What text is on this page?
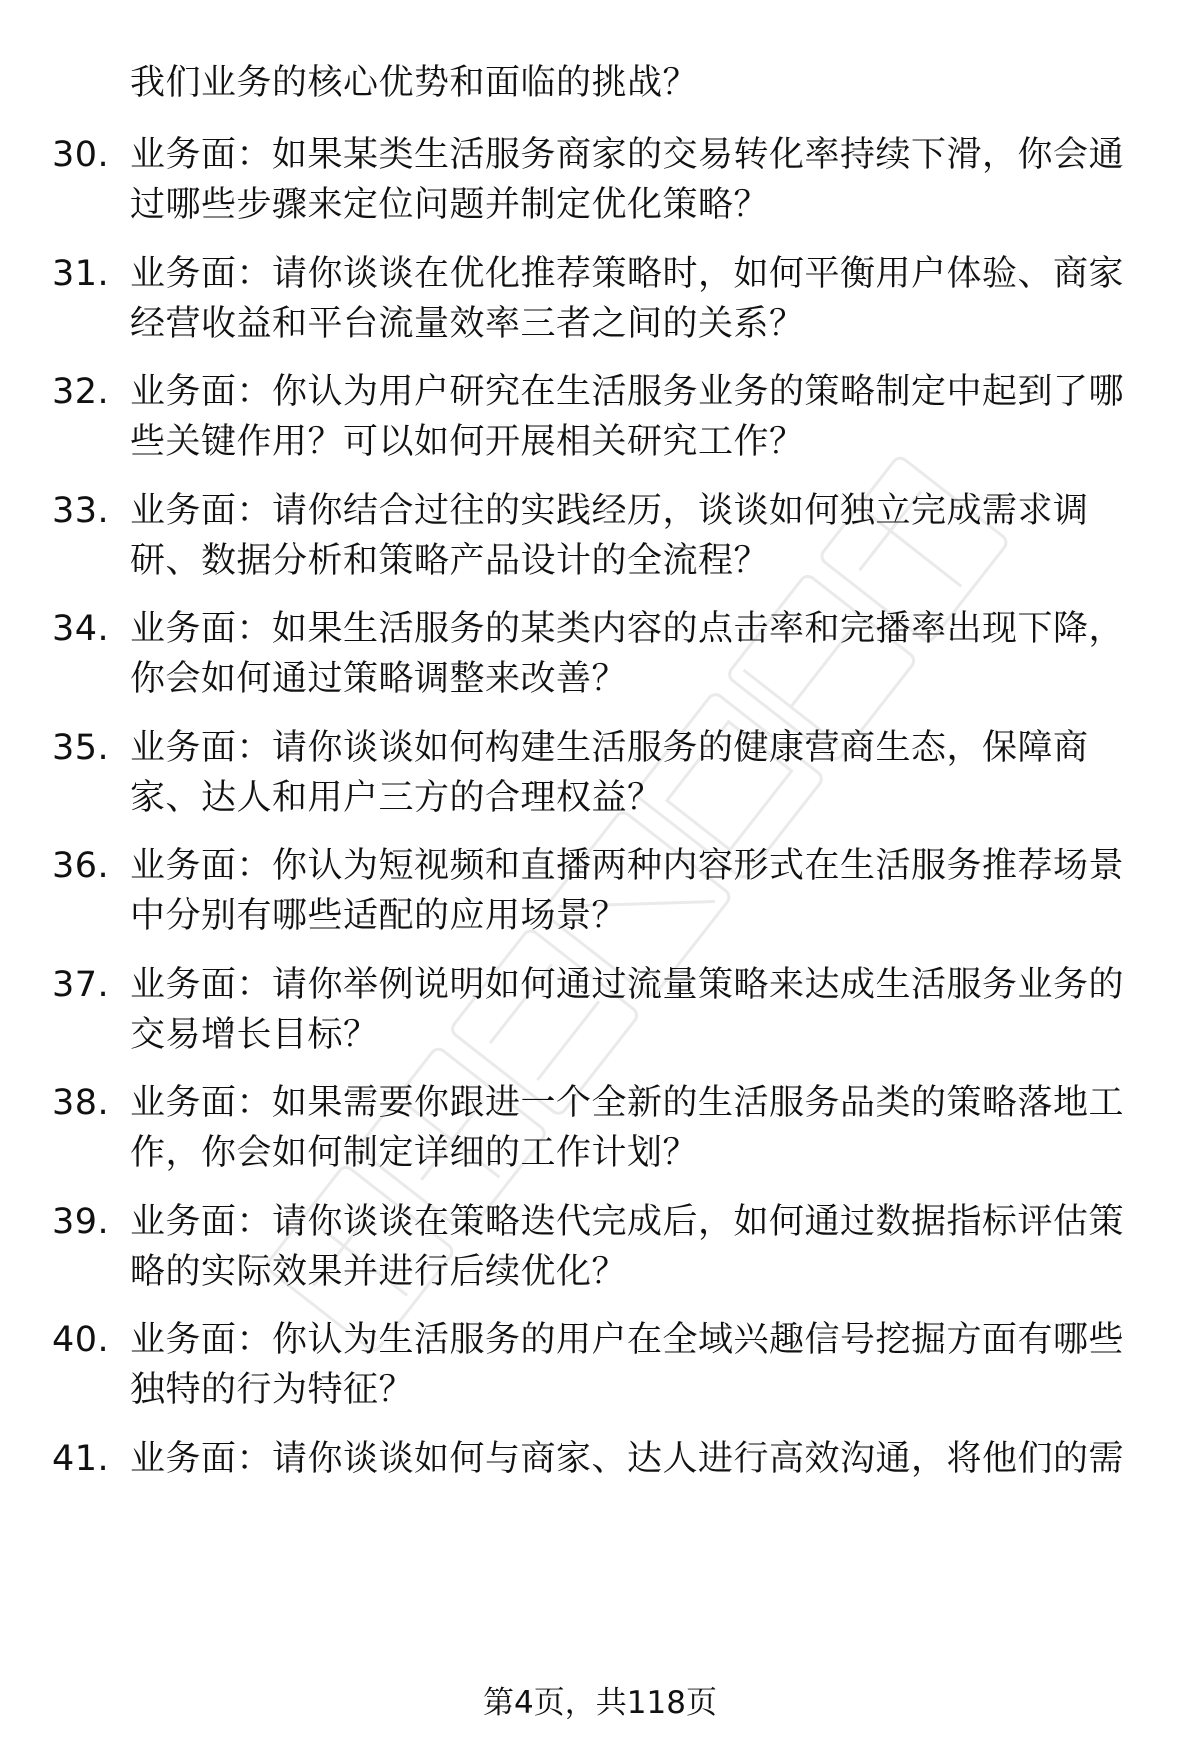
我们业务的核心优势和面临的挑战？
30. 业务面：如果某类生活服务商家的交易转化率持续下滑，你会通
过哪些步骤来定位问题并制定优化策略？
31. 业务面：请你谈谈在优化推荐策略时，如何平衡用户体验、商家
经营收益和平台流量效率三者之间的关系？
32. 业务面：你认为用户研究在生活服务业务的策略制定中起到了哪
些关键作用？可以如何开展相关研究工作？
33. 业务面：请你结合过往的实践经历，谈谈如何独立完成需求调
研、数据分析和策略产品设计的全流程？
34. 业务面：如果生活服务的某类内容的点击率和完播率出现下降，
你会如何通过策略调整来改善？
35. 业务面：请你谈谈如何构建生活服务的健康营商生态，保障商
家、达人和用户三方的合理权益？
36. 业务面：你认为短视频和直播两种内容形式在生活服务推荐场景
中分别有哪些适配的应用场景？
37. 业务面：请你举例说明如何通过流量策略来达成生活服务业务的
交易增长目标？
38. 业务面：如果需要你跟进一个全新的生活服务品类的策略落地工
作，你会如何制定详细的工作计划？
39. 业务面：请你谈谈在策略迭代完成后，如何通过数据指标评估策
略的实际效果并进行后续优化？
40. 业务面：你认为生活服务的用户在全域兴趣信号挖掘方面有哪些
独特的行为特征？
41. 业务面：请你谈谈如何与商家、达人进行高效沟通，将他们的需
第4页，共118页
